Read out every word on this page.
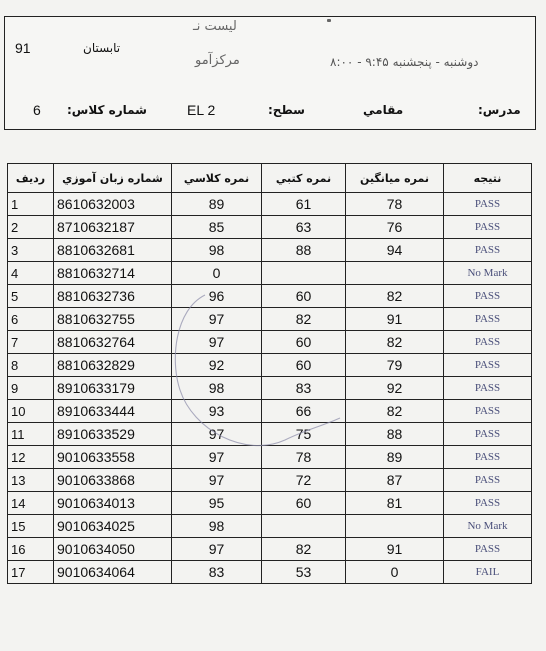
91	تابستان
لیست نـ
مرکزآمو	دوشنبه - پنجشنبه ۹:۴۵ - ۸:۰۰
6 شماره کلاس:	EL 2	سطح:	مقامي	مدرس:
رديف	شماره زبان آموزي	نمره كلاسي	نمره کتبي	نمره ميانگين	نتيجه
1	8610632003	89	61	78	PASS
2	8710632187	85	63	76	PASS
3	8810632681	98	88	94	PASS
4	8810632714	0			No Mark
5	8810632736	96	60	82	PASS
6	8810632755	97	82	91	PASS
7	8810632764	97	60	82	PASS
8	8810632829	92	60	79	PASS
9	8910633179	98	83	92	PASS
10	8910633444	93	66	82	PASS
11	8910633529	97	75	88	PASS
12	9010633558	97	78	89	PASS
13	9010633868	97	72	87	PASS
14	9010634013	95	60	81	PASS
15	9010634025	98			No Mark
16	9010634050	97	82	91	PASS
17	9010634064	83	53	0	FAIL
